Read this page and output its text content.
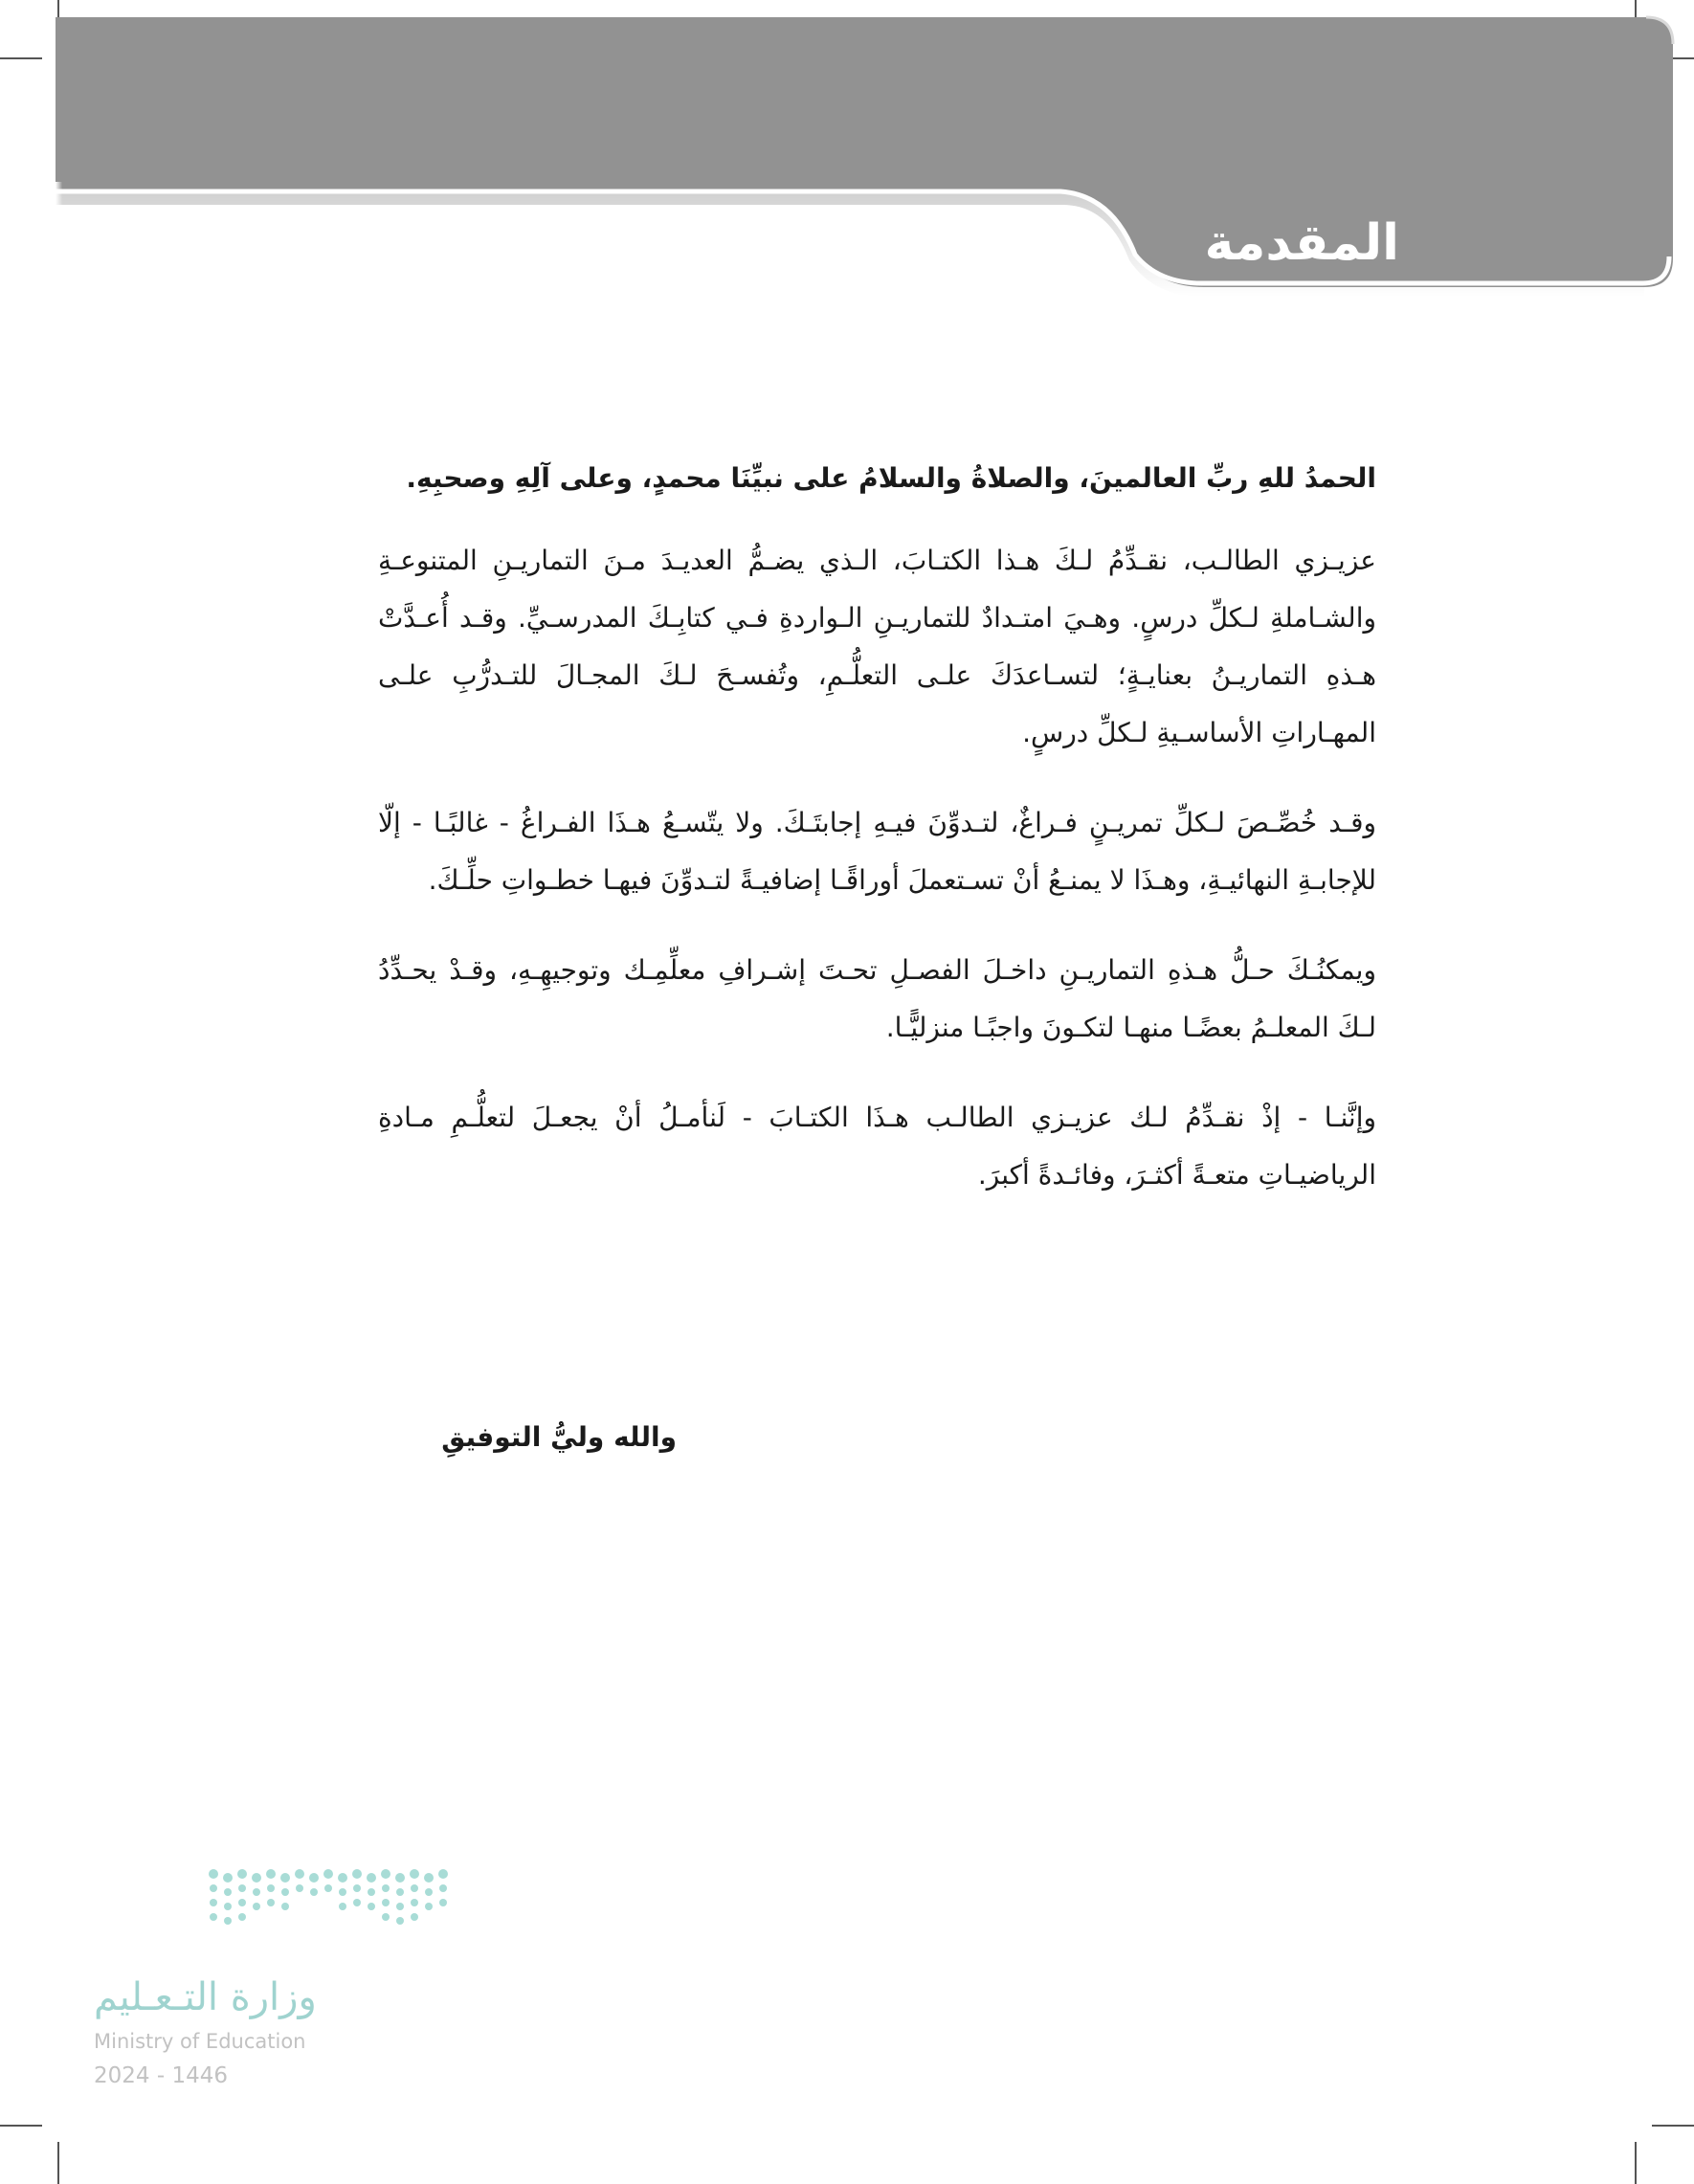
المقدمة

الحمدُ للهِ ربِّ العالمينَ، والصلاةُ والسلامُ على نبيِّنَا محمدٍ، وعلى آلِهِ وصحبِهِ.

عزيـزي الطالـب، نقـدِّمُ لـكَ هـذا الكتـابَ، الـذي يضـمُّ العديـدَ مـنَ التماريـنِ المتنوعـةِ والشـاملةِ لـكلِّ درسٍ. وهـيَ امتـدادٌ للتماريـنِ الـواردةِ فـي كتابِـكَ المدرسـيِّ. وقـد أُعـدَّتْ هـذهِ التماريـنُ بعنايـةٍ؛ لتسـاعدَكَ علـى التعلُّـمِ، وتُفسـحَ لـكَ المجـالَ للتـدرُّبِ علـى المهـاراتِ الأساسـيةِ لـكلِّ درسٍ.

وقـد خُصِّـصَ لـكلِّ تمريـنٍ فـراغٌ، لتـدوِّنَ فيـهِ إجابتَـكَ. ولا يتّسـعُ هـذَا الفـراغُ - غالبًـا - إلّا للإجابـةِ النهائيـةِ، وهـذَا لا يمنـعُ أنْ تسـتعملَ أوراقًـا إضافيـةً لتـدوِّنَ فيهـا خطـواتِ حلِّـكَ.

ويمكنُـكَ حـلُّ هـذهِ التماريـنِ داخـلَ الفصـلِ تحـتَ إشـرافِ معلِّمِـك وتوجيهِـهِ، وقـدْ يحـدِّدُ لـكَ المعلـمُ بعضًـا منهـا لتكـونَ واجبًـا منزليًّـا.

وإنَّنـا - إذْ نقـدِّمُ لـك عزيـزي الطالـب هـذَا الكتـابَ - لَنأمـلُ أنْ يجعـلَ لتعلُّـمِ مـادةِ الرياضيـاتِ متعـةً أكثـرَ، وفائـدةً أكبرَ.

والله وليُّ التوفيقِ
وزارة التـعـليم
Ministry of Education
2024 - 1446
